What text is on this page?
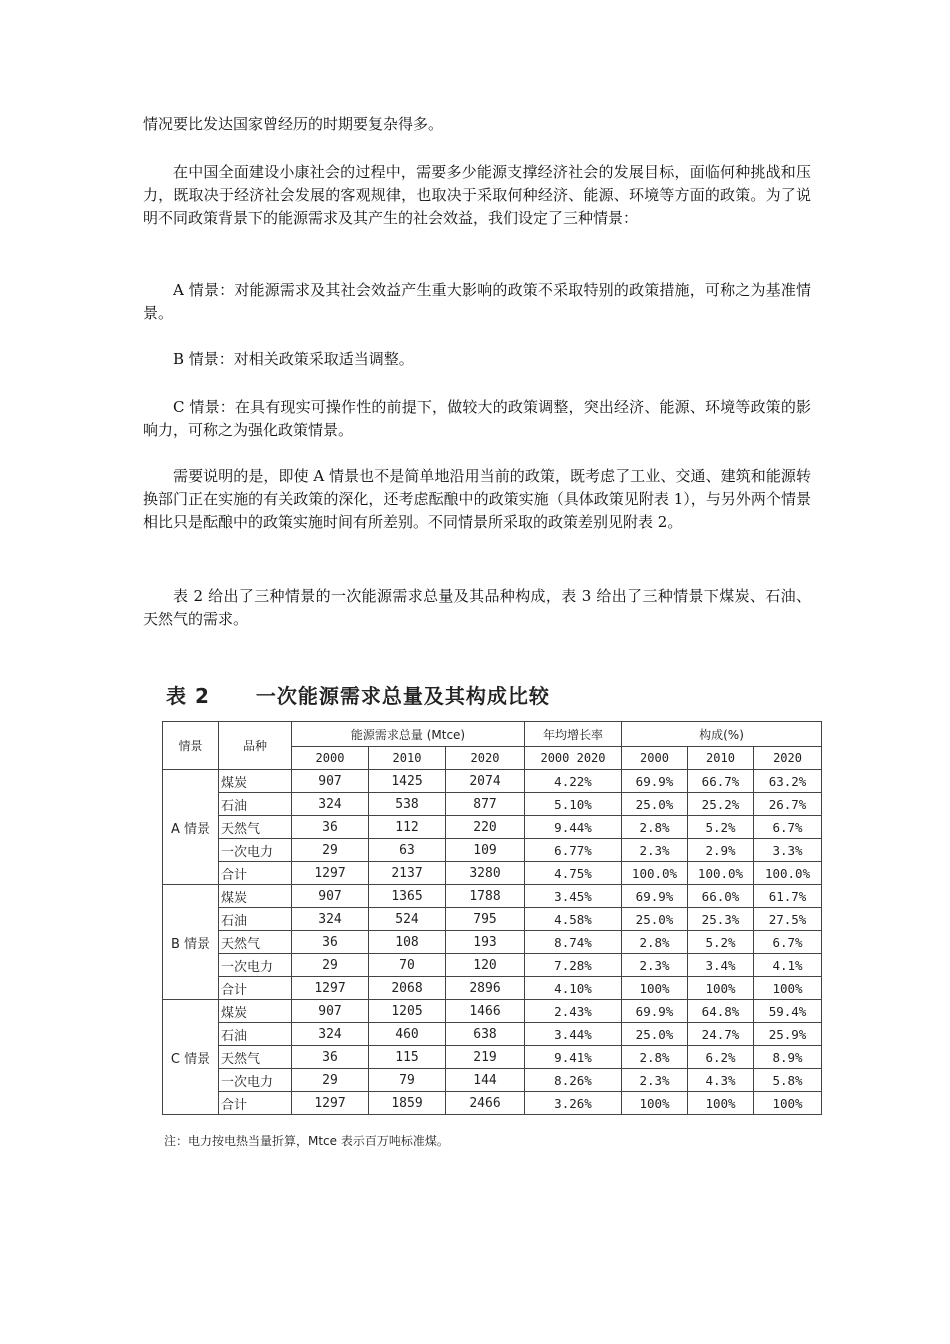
情况要比发达国家曾经历的时期要复杂得多。
在中国全面建设小康社会的过程中，需要多少能源支撑经济社会的发展目标，面临何种挑战和压力，既取决于经济社会发展的客观规律，也取决于采取何种经济、能源、环境等方面的政策。为了说明不同政策背景下的能源需求及其产生的社会效益，我们设定了三种情景：
A 情景：对能源需求及其社会效益产生重大影响的政策不采取特别的政策措施，可称之为基准情景。
B 情景：对相关政策采取适当调整。
C 情景：在具有现实可操作性的前提下，做较大的政策调整，突出经济、能源、环境等政策的影响力，可称之为强化政策情景。
需要说明的是，即使 A 情景也不是简单地沿用当前的政策，既考虑了工业、交通、建筑和能源转换部门正在实施的有关政策的深化，还考虑酝酿中的政策实施（具体政策见附表 1），与另外两个情景相比只是酝酿中的政策实施时间有所差别。不同情景所采取的政策差别见附表 2。
表 2 给出了三种情景的一次能源需求总量及其品种构成，表 3 给出了三种情景下煤炭、石油、天然气的需求。
表 2 一次能源需求总量及其构成比较
情景	品种	能源需求总量 (Mtce)			年均增长率	构成(%)		
		2000	2010	2020	2000 2020	2000	2010	2020
A 情景	煤炭	907	1425	2074	4.22%	69.9%	66.7%	63.2%
	石油	324	538	877	5.10%	25.0%	25.2%	26.7%
	天然气	36	112	220	9.44%	2.8%	5.2%	6.7%
	一次电力	29	63	109	6.77%	2.3%	2.9%	3.3%
	合计	1297	2137	3280	4.75%	100.0%	100.0%	100.0%
B 情景	煤炭	907	1365	1788	3.45%	69.9%	66.0%	61.7%
	石油	324	524	795	4.58%	25.0%	25.3%	27.5%
	天然气	36	108	193	8.74%	2.8%	5.2%	6.7%
	一次电力	29	70	120	7.28%	2.3%	3.4%	4.1%
	合计	1297	2068	2896	4.10%	100%	100%	100%
C 情景	煤炭	907	1205	1466	2.43%	69.9%	64.8%	59.4%
	石油	324	460	638	3.44%	25.0%	24.7%	25.9%
	天然气	36	115	219	9.41%	2.8%	6.2%	8.9%
	一次电力	29	79	144	8.26%	2.3%	4.3%	5.8%
	合计	1297	1859	2466	3.26%	100%	100%	100%
注：电力按电热当量折算，Mtce 表示百万吨标准煤。
